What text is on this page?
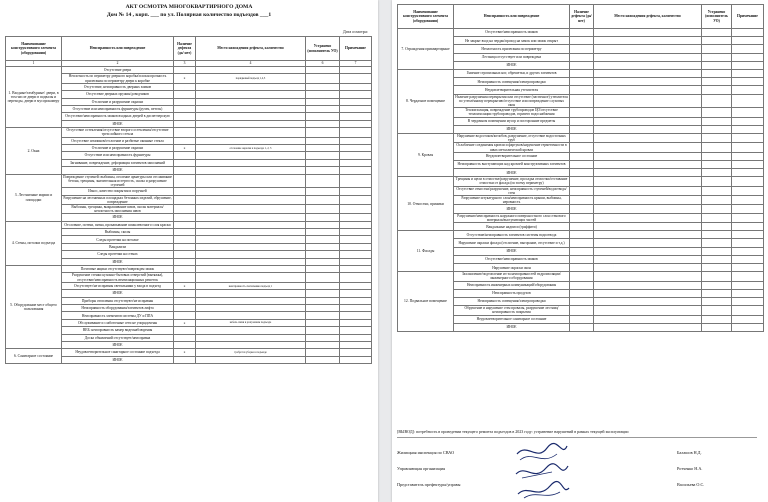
АКТ ОСМОТРА МНОГОКВАРТИРНОГО ДОМА
Дом № 14 , корп. ___ по ул. Полярная количество подъездов ___1
Дата осмотра:
Наименование конструктивного элемента (оборудования)	Неисправность или повреждение	Наличие дефекта (да/ нет)	Место нахождения дефекта, количество	Устранено (исполнитель УО)	Примечание
1	2	3	4	6	7
1. Входные/тамбурные/ двери, в том числе двери в подвалы и переходы, двери в мусорокамеру	Отсутствие двери				
	Неплотность по периметру дверного коробка/плохая прочность прилегания по периметру двери к коробке	x	порядковый подъезд 1,2,3		
	Отсутствие, неисправность дверных замков				
	Отсутствие дверных пружин/доводчиков				
	Отслоение и разрушение окраски				
	Отсутствие или неисправность фурнитуры (ручек, петель)				
	Отсутствие/неисправность замков входных дверей в диспетчерскую				
	ИНОЕ				
2. Окна	Отсутствие остекления/отсутствие второго остекления/отсутствие трехслойного стекла				
	Отсутствие штапиков/отслоение и разбитые оконные стекла				
	Отслоение и разрушение окраски	x	отслоение окраски в подъезде 1, 2, 3		
	Отсутствие или неисправность фурнитуры				
	Загнивание, повреждение, деформация элементов заполнений				
	ИНОЕ				
3. Лестничные марши и площадки	Повреждение ступеней: выбоины, оголение арматуры или отслаивание бетона, трещины, значительная истертость, сколы и разрушение ступеней				
	Износ, качество покрытия и поручней				
	Разрушение на лестничных площадках бетонных изделий, обрушение, повреждение				
	Выбоины, трещины, выкрашивание швов, сколы материала/ неплотность заполнения швов				
	ИНОЕ				
4. Стены, потолки подъезда	Отслоение, потеки, пятна, прокапывание шпаклевочного слоя краски				
	Выбоины, сколы				
	Следы протечки на потолке				
	Вандализм				
	Следы протечки на стенах				
	ИНОЕ				
5. Оборудование мест общего пользования	Почтовые ящики отсутствуют/поврежден замок				
	Разрушение стенки кухонно-бытовых отверстий (вытяжка), отсутствие/неисправность вентиляционных решеток				
	Отсутствует/не исправны светильники у входа в подъезд	x	неисправность светильника подъезд 1		
	ИНОЕ				
	Приборы отопления отсутствуют/не исправны				
	Неисправность оборудования/элементов лифта				
	Неисправность элементов системы ДУ и ППА				
	Обслуживание и слаботочные сети не упорядочены	x	кабель связи в разгромном подъезде		
	ВЕБ: неисправность камер видеонаблюдения				
	Доска объявлений отсутствует/неисправна				
	ИНОЕ				
6. Санитарное состояние	Неудовлетворительное санитарное состояние подъезда	x	требуется уборка в подъезде		
	ИНОЕ				
Наименование конструктивного элемента (оборудования)	Неисправность или повреждение	Наличие дефекта (да/ нет)	Место нахождения дефекта, количество	Устранено (исполнитель УО)	Примечание
7. Ограждения приквартирные	Отсутствие/неисправность замков				
	Не закрыт вход на чердак/проход на замок или замок открыт				
	Неплотность прилегания по периметру				
	Лестница отсутствует или повреждена				
	ИНОЕ				
8. Чердачное помещение	Гниение стропильных ног, обрешетки, и других элементов				
	Неисправность освещения/электропроводки				
	Неудовлетворительная утеплителя				
	Наличие разрушения перекрытия или отсутствие (частичное) утеплителя по утеплённому перекрытию/отсутствие или повреждение слуховых окон				
	Теплоизоляция, повреждение трубопроводов ЦО/отсутствие теплоизоляции трубопроводов, горячего водоснабжения				
	В чердачном помещении мусор и посторонние предметы				
	ИНОЕ				
9. Кровля	Нарушение водостоков/желобов, разрушение, отсутствие водосточных труб				
	Ослабление соединения кровли и фартуков/нарушение герметичности в швах металлической кровли				
	Неудовлетворительное состояние				
	Неисправность выступающих над кровлей конструктивных элементов				
	ИНОЕ				
10. Отмостки, приямки	Трещины и щели в отмостке/разрушение, просадка отмостки/отставание отмостки от фасада (по всему периметру)				
	Отсутствие отмостки/разрушение, неисправность ступеней/водоотвода/стен				
	Разрушение штукатурного слоя/неисправность крыши, выбоины, неровность				
	ИНОЕ				
	Разрушение/неисправность наружного поверхностного слоя стенового материала/выступающих частей				
	Вандальные надписи (граффити)				
11. Фасады	Отсутствие/неисправность элементов системы водоотвода				
	Нарушение окраски фасада (отслоение, выгорание, отсутствие и т.д.)				
	ИНОЕ				
	Отсутствие/неисправность замков				
	Нарушение окраски окон				
12. Подвальное помещение	Захламление/подтопление из-за неисправностей гидроизоляции/инженерного оборудования				
	Неисправность инженерных коммуникаций/оборудования				
	Неисправность продухов				
	Неисправность освещения/электропроводки				
	Обрушение и нарушение стен провалы, разрушение лестниц/неисправность покрытия				
	Неудовлетворительное санитарное состояние				
	ИНОЕ				
[ВЫВОД]: потребность в проведении текущего ремонта подъездов в 2023 году: устранение нарушений в рамках текущей эксплуатации
Жилищная инспекция по СВАО	Балашов Н.Д.
Управляющая организация	Ротченко Н.А.
Представитель префектуры/управы	Васильева О.С.
